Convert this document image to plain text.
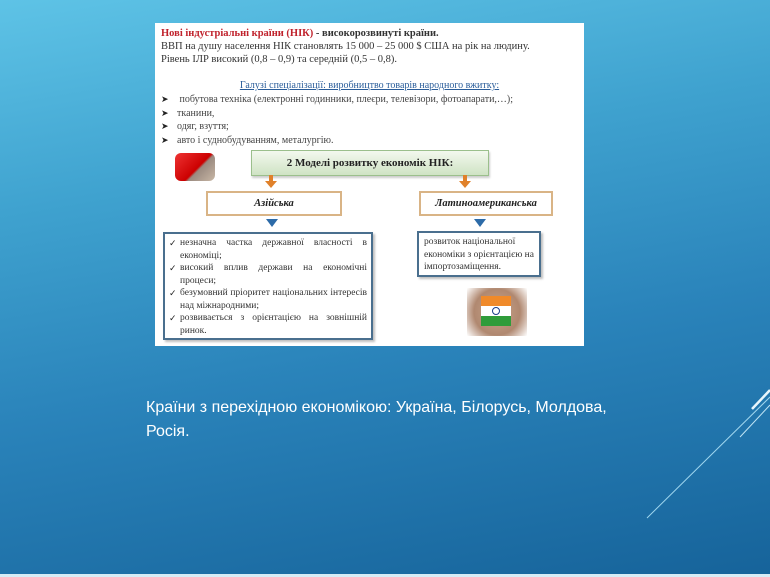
Нові індустріальні країни (НІК) - високорозвинуті країни.
ВВП на душу населення НІК становлять 15 000 – 25 000 $ США на рік на людину.
Рівень ІЛР високий (0,8 – 0,9) та середній (0,5 – 0,8).
Галузі спеціалізації: виробництво товарів народного вжитку:
➤ побутова техніка (електронні годинники, плеєри, телевізори, фотоапарати,…);
➤ тканини,
➤ одяг, взуття;
➤ авто і суднобудуванням, металургію.
2 Моделі розвитку економік НІК:
Азійська	Латиноамериканська
✓ незначна частка державної власності в економіці;
✓ високий вплив держави на економічні процеси;
✓ безумовний пріоритет національних інтересів над міжнародними;
✓ розвивається з орієнтацією на зовнішній ринок.
розвиток національної економіки з орієнтацією на імпортозаміщення.
Країни з перехідною економікою: Україна, Білорусь, Молдова, Росія.
